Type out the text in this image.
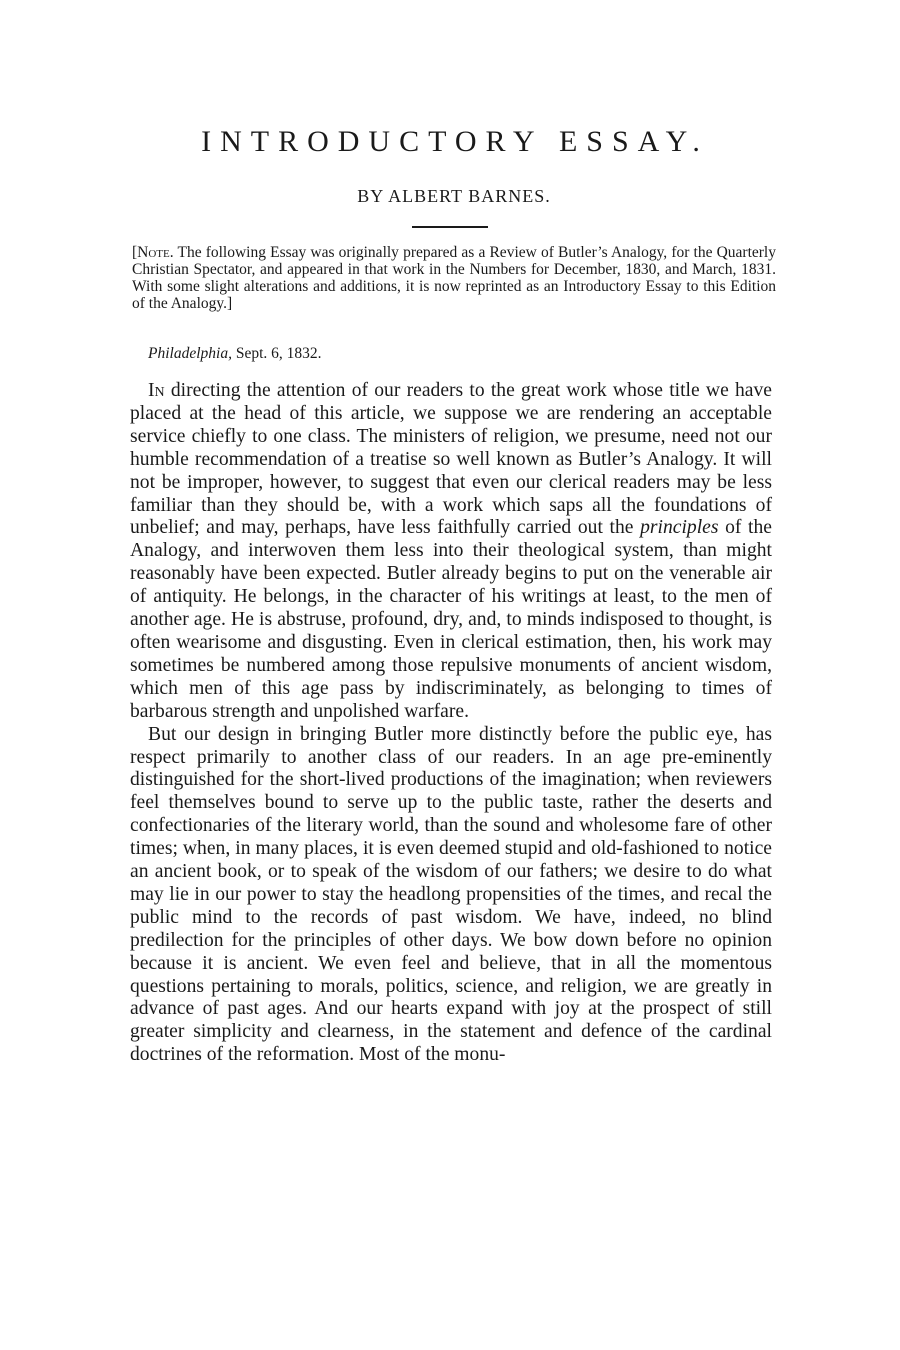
INTRODUCTORY ESSAY.
BY ALBERT BARNES.

[Note. The following Essay was originally prepared as a Review of Butler’s Analogy, for the Quarterly Christian Spectator, and appeared in that work in the Numbers for December, 1830, and March, 1831. With some slight alterations and additions, it is now reprinted as an Introductory Essay to this Edition of the Analogy.]

Philadelphia, Sept. 6, 1832.

In directing the attention of our readers to the great work whose title we have placed at the head of this article, we suppose we are rendering an acceptable service chiefly to one class. The ministers of religion, we presume, need not our humble recommendation of a treatise so well known as Butler’s Analogy. It will not be improper, however, to suggest that even our clerical readers may be less familiar than they should be, with a work which saps all the foundations of unbelief; and may, perhaps, have less faithfully carried out the principles of the Analogy, and interwoven them less into their theological system, than might reasonably have been expected. Butler already begins to put on the venerable air of antiquity. He belongs, in the character of his writings at least, to the men of another age. He is abstruse, profound, dry, and, to minds indisposed to thought, is often wearisome and disgusting. Even in clerical estimation, then, his work may sometimes be numbered among those repulsive monuments of ancient wisdom, which men of this age pass by indiscriminately, as belonging to times of barbarous strength and unpolished warfare.

But our design in bringing Butler more distinctly before the public eye, has respect primarily to another class of our readers. In an age pre-eminently distinguished for the short-lived productions of the imagination; when reviewers feel themselves bound to serve up to the public taste, rather the deserts and confectionaries of the literary world, than the sound and wholesome fare of other times; when, in many places, it is even deemed stupid and old-fashioned to notice an ancient book, or to speak of the wisdom of our fathers; we desire to do what may lie in our power to stay the headlong propensities of the times, and recal the public mind to the records of past wisdom. We have, indeed, no blind predilection for the principles of other days. We bow down before no opinion because it is ancient. We even feel and believe, that in all the momentous questions pertaining to morals, politics, science, and religion, we are greatly in advance of past ages. And our hearts expand with joy at the prospect of still greater simplicity and clearness, in the statement and defence of the cardinal doctrines of the reformation. Most of the monu-
